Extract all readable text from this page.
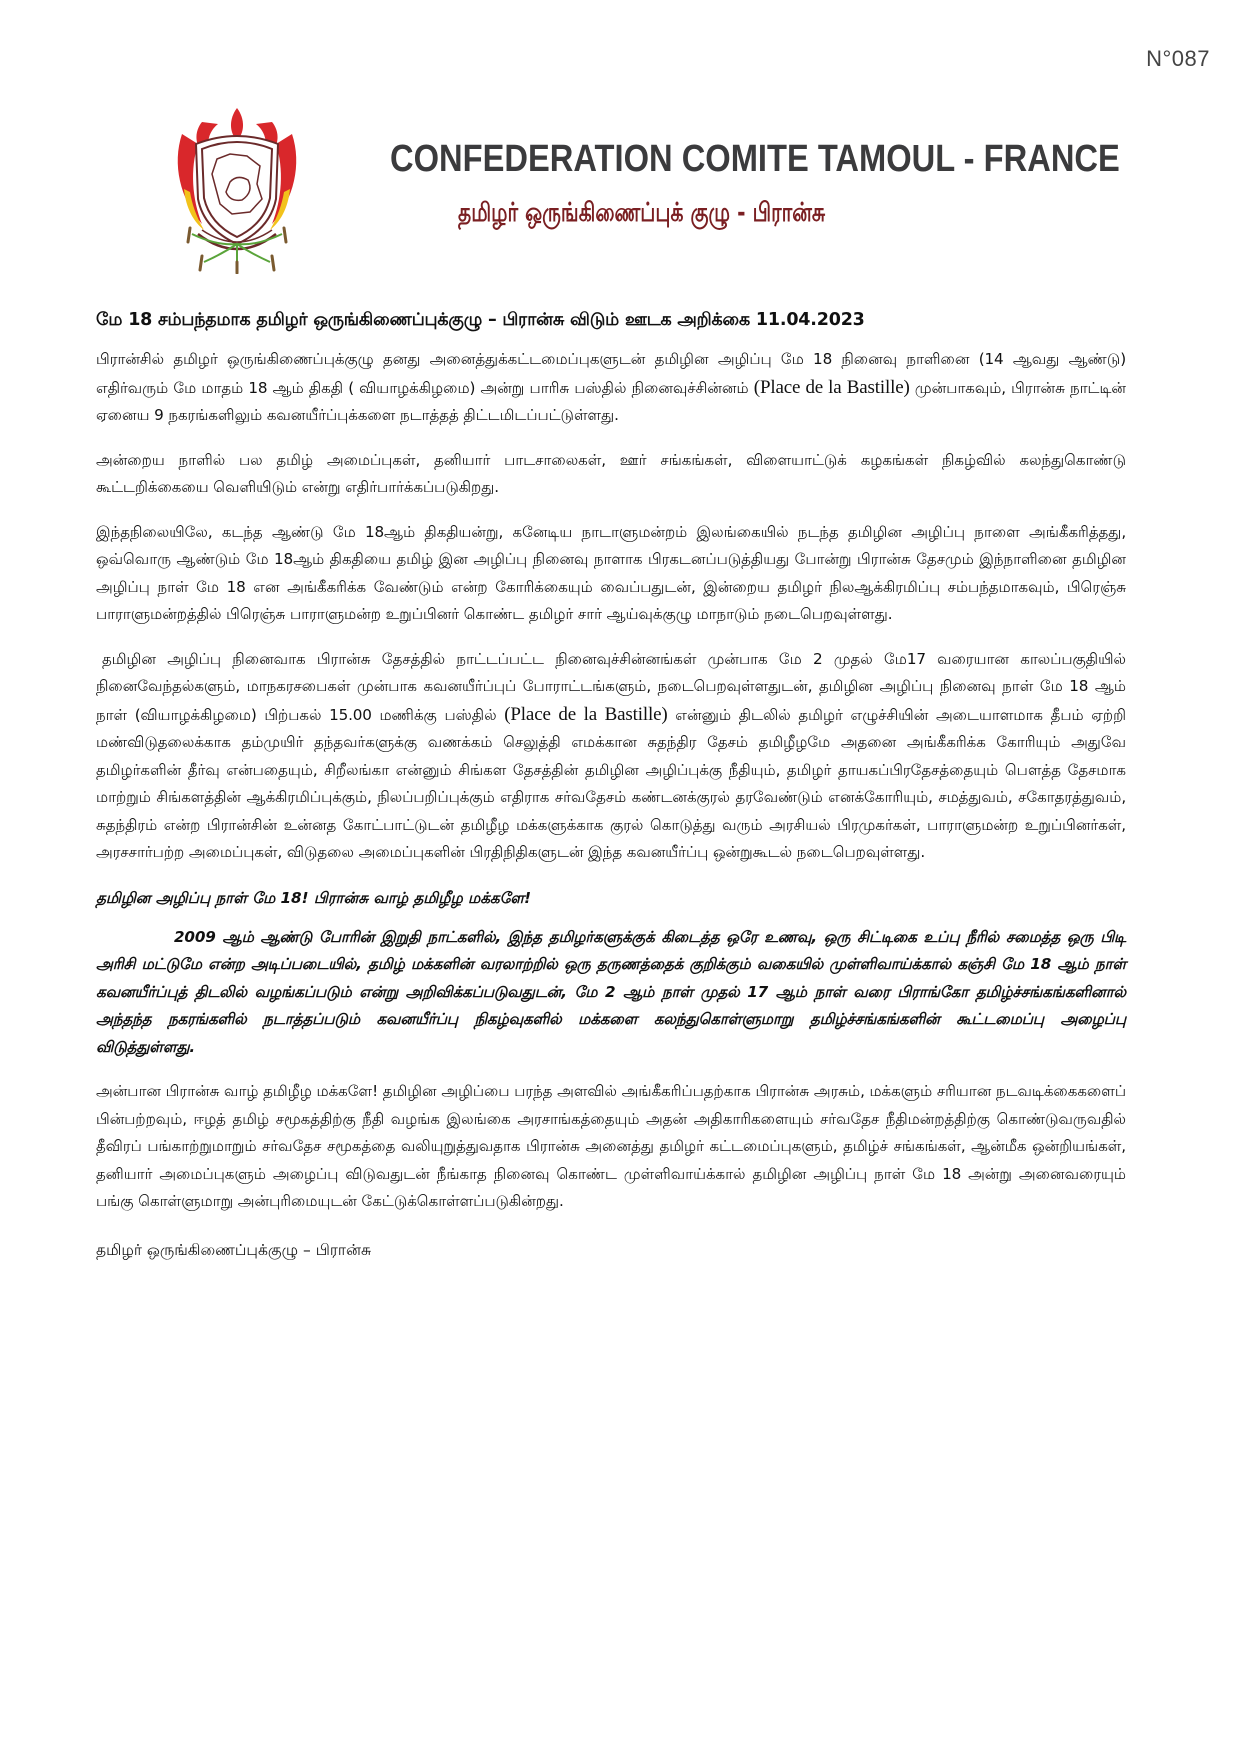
N°087
CONFEDERATION COMITE TAMOUL - FRANCE
தமிழர் ஒருங்கிணைப்புக் குழு - பிரான்சு
மே 18 சம்பந்தமாக தமிழர் ஒருங்கிணைப்புக்குழு – பிரான்சு விடும் ஊடக அறிக்கை 11.04.2023

பிரான்சில் தமிழர் ஒருங்கிணைப்புக்குழு தனது அனைத்துக்கட்டமைப்புகளுடன் தமிழின அழிப்பு மே 18 நினைவு நாளினை (14 ஆவது ஆண்டு) எதிர்வரும் மே மாதம் 18 ஆம் திகதி ( வியாழக்கிழமை) அன்று பாரிசு பஸ்தில் நினைவுச்சின்னம் (Place de la Bastille) முன்பாகவும், பிரான்சு நாட்டின் ஏனைய 9 நகரங்களிலும் கவனயீர்ப்புக்களை நடாத்தத் திட்டமிடப்பட்டுள்ளது.

அன்றைய நாளில் பல தமிழ் அமைப்புகள், தனியார் பாடசாலைகள், ஊர் சங்கங்கள், விளையாட்டுக் கழகங்கள் நிகழ்வில் கலந்துகொண்டு கூட்டறிக்கையை வெளியிடும் என்று எதிர்பார்க்கப்படுகிறது.

இந்தநிலையிலே, கடந்த ஆண்டு மே 18ஆம் திகதியன்று, கனேடிய நாடாளுமன்றம் இலங்கையில் நடந்த தமிழின அழிப்பு நாளை அங்கீகரித்தது, ஒவ்வொரு ஆண்டும் மே 18ஆம் திகதியை தமிழ் இன அழிப்பு நினைவு நாளாக பிரகடனப்படுத்தியது போன்று பிரான்சு தேசமும் இந்நாளினை தமிழின அழிப்பு நாள் மே 18 என அங்கீகரிக்க வேண்டும் என்ற கோரிக்கையும் வைப்பதுடன், இன்றைய தமிழர் நிலஆக்கிரமிப்பு சம்பந்தமாகவும், பிரெஞ்சு பாராளுமன்றத்தில் பிரெஞ்சு பாராளுமன்ற உறுப்பினர் கொண்ட தமிழர் சார் ஆய்வுக்குழு மாநாடும் நடைபெறவுள்ளது.

தமிழின அழிப்பு நினைவாக பிரான்சு தேசத்தில் நாட்டப்பட்ட நினைவுச்சின்னங்கள் முன்பாக மே 2 முதல் மே17 வரையான காலப்பகுதியில் நினைவேந்தல்களும், மாநகரசபைகள் முன்பாக கவனயீர்ப்புப் போராட்டங்களும், நடைபெறவுள்ளதுடன், தமிழின அழிப்பு நினைவு நாள் மே 18 ஆம் நாள் (வியாழக்கிழமை) பிற்பகல் 15.00 மணிக்கு பஸ்தில் (Place de la Bastille) என்னும் திடலில் தமிழர் எழுச்சியின் அடையாளமாக தீபம் ஏற்றி மண்விடுதலைக்காக தம்முயிர் தந்தவர்களுக்கு வணக்கம் செலுத்தி எமக்கான சுதந்திர தேசம் தமிழீழமே அதனை அங்கீகரிக்க கோரியும் அதுவே தமிழர்களின் தீர்வு என்பதையும், சிறீலங்கா என்னும் சிங்கள தேசத்தின் தமிழின அழிப்புக்கு நீதியும், தமிழர் தாயகப்பிரதேசத்தையும் பௌத்த தேசமாக மாற்றும் சிங்களத்தின் ஆக்கிரமிப்புக்கும், நிலப்பறிப்புக்கும் எதிராக சர்வதேசம் கண்டனக்குரல் தரவேண்டும் எனக்கோரியும், சமத்துவம், சகோதரத்துவம், சுதந்திரம் என்ற பிரான்சின் உன்னத கோட்பாட்டுடன் தமிழீழ மக்களுக்காக குரல் கொடுத்து வரும் அரசியல் பிரமுகர்கள், பாராளுமன்ற உறுப்பினர்கள், அரசசார்பற்ற அமைப்புகள், விடுதலை அமைப்புகளின் பிரதிநிதிகளுடன் இந்த கவனயீர்ப்பு ஒன்றுகூடல் நடைபெறவுள்ளது.

தமிழின அழிப்பு நாள் மே 18! பிரான்சு வாழ் தமிழீழ மக்களே!

2009 ஆம் ஆண்டு போரின் இறுதி நாட்களில், இந்த தமிழர்களுக்குக் கிடைத்த ஒரே உணவு, ஒரு சிட்டிகை உப்பு நீரில் சமைத்த ஒரு பிடி அரிசி மட்டுமே என்ற அடிப்படையில், தமிழ் மக்களின் வரலாற்றில் ஒரு தருணத்தைக் குறிக்கும் வகையில் முள்ளிவாய்க்கால் கஞ்சி மே 18 ஆம் நாள் கவனயீர்ப்புத் திடலில் வழங்கப்படும் என்று அறிவிக்கப்படுவதுடன், மே 2 ஆம் நாள் முதல் 17 ஆம் நாள் வரை பிராங்கோ தமிழ்ச்சங்கங்களினால் அந்தந்த நகரங்களில் நடாத்தப்படும் கவனயீர்ப்பு நிகழ்வுகளில் மக்களை கலந்துகொள்ளுமாறு தமிழ்ச்சங்கங்களின் கூட்டமைப்பு அழைப்பு விடுத்துள்ளது.

அன்பான பிரான்சு வாழ் தமிழீழ மக்களே! தமிழின அழிப்பை பரந்த அளவில் அங்கீகரிப்பதற்காக பிரான்சு அரசும், மக்களும் சரியான நடவடிக்கைகளைப் பின்பற்றவும், ஈழத் தமிழ் சமூகத்திற்கு நீதி வழங்க இலங்கை அரசாங்கத்தையும் அதன் அதிகாரிகளையும் சர்வதேச நீதிமன்றத்திற்கு கொண்டுவருவதில் தீவிரப் பங்காற்றுமாறும் சர்வதேச சமூகத்தை வலியுறுத்துவதாக பிரான்சு அனைத்து தமிழர் கட்டமைப்புகளும், தமிழ்ச் சங்கங்கள், ஆன்மீக ஒன்றியங்கள், தனியார் அமைப்புகளும் அழைப்பு விடுவதுடன் நீங்காத நினைவு கொண்ட முள்ளிவாய்க்கால் தமிழின அழிப்பு நாள் மே 18 அன்று அனைவரையும் பங்கு கொள்ளுமாறு அன்புரிமையுடன் கேட்டுக்கொள்ளப்படுகின்றது.

தமிழர் ஒருங்கிணைப்புக்குழு – பிரான்சு
